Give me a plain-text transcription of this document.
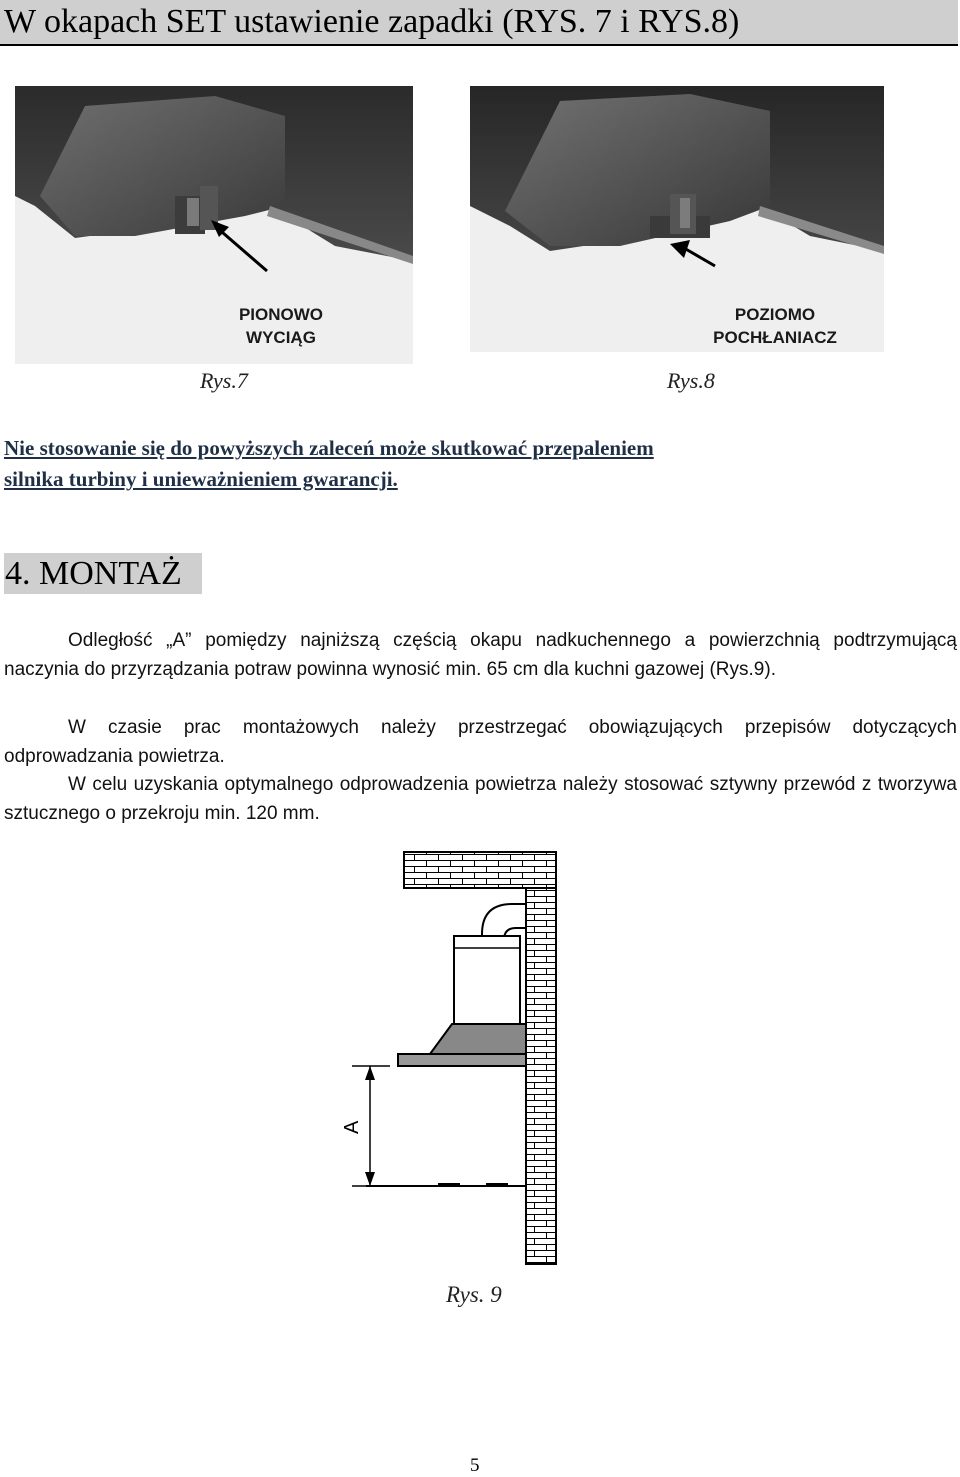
W okapach SET ustawienie zapadki (RYS. 7 i RYS.8)
PIONOWO
WYCIĄG
Rys.7
POZIOMO
POCHŁANIACZ
Rys.8
Nie stosowanie się do powyższych zaleceń może skutkować przepaleniem
silnika turbiny i unieważnieniem gwarancji.
4. MONTAŻ
Odległość „A” pomiędzy najniższą częścią okapu nadkuchennego a powierzchnią podtrzymującą naczynia do przyrządzania potraw powinna wynosić min. 65 cm dla kuchni gazowej (Rys.9).
W czasie prac montażowych należy przestrzegać obowiązujących przepisów dotyczących odprowadzania powietrza.
W celu uzyskania optymalnego odprowadzenia powietrza należy stosować sztywny przewód z tworzywa sztucznego o przekroju min. 120 mm.
A
Rys. 9
5
